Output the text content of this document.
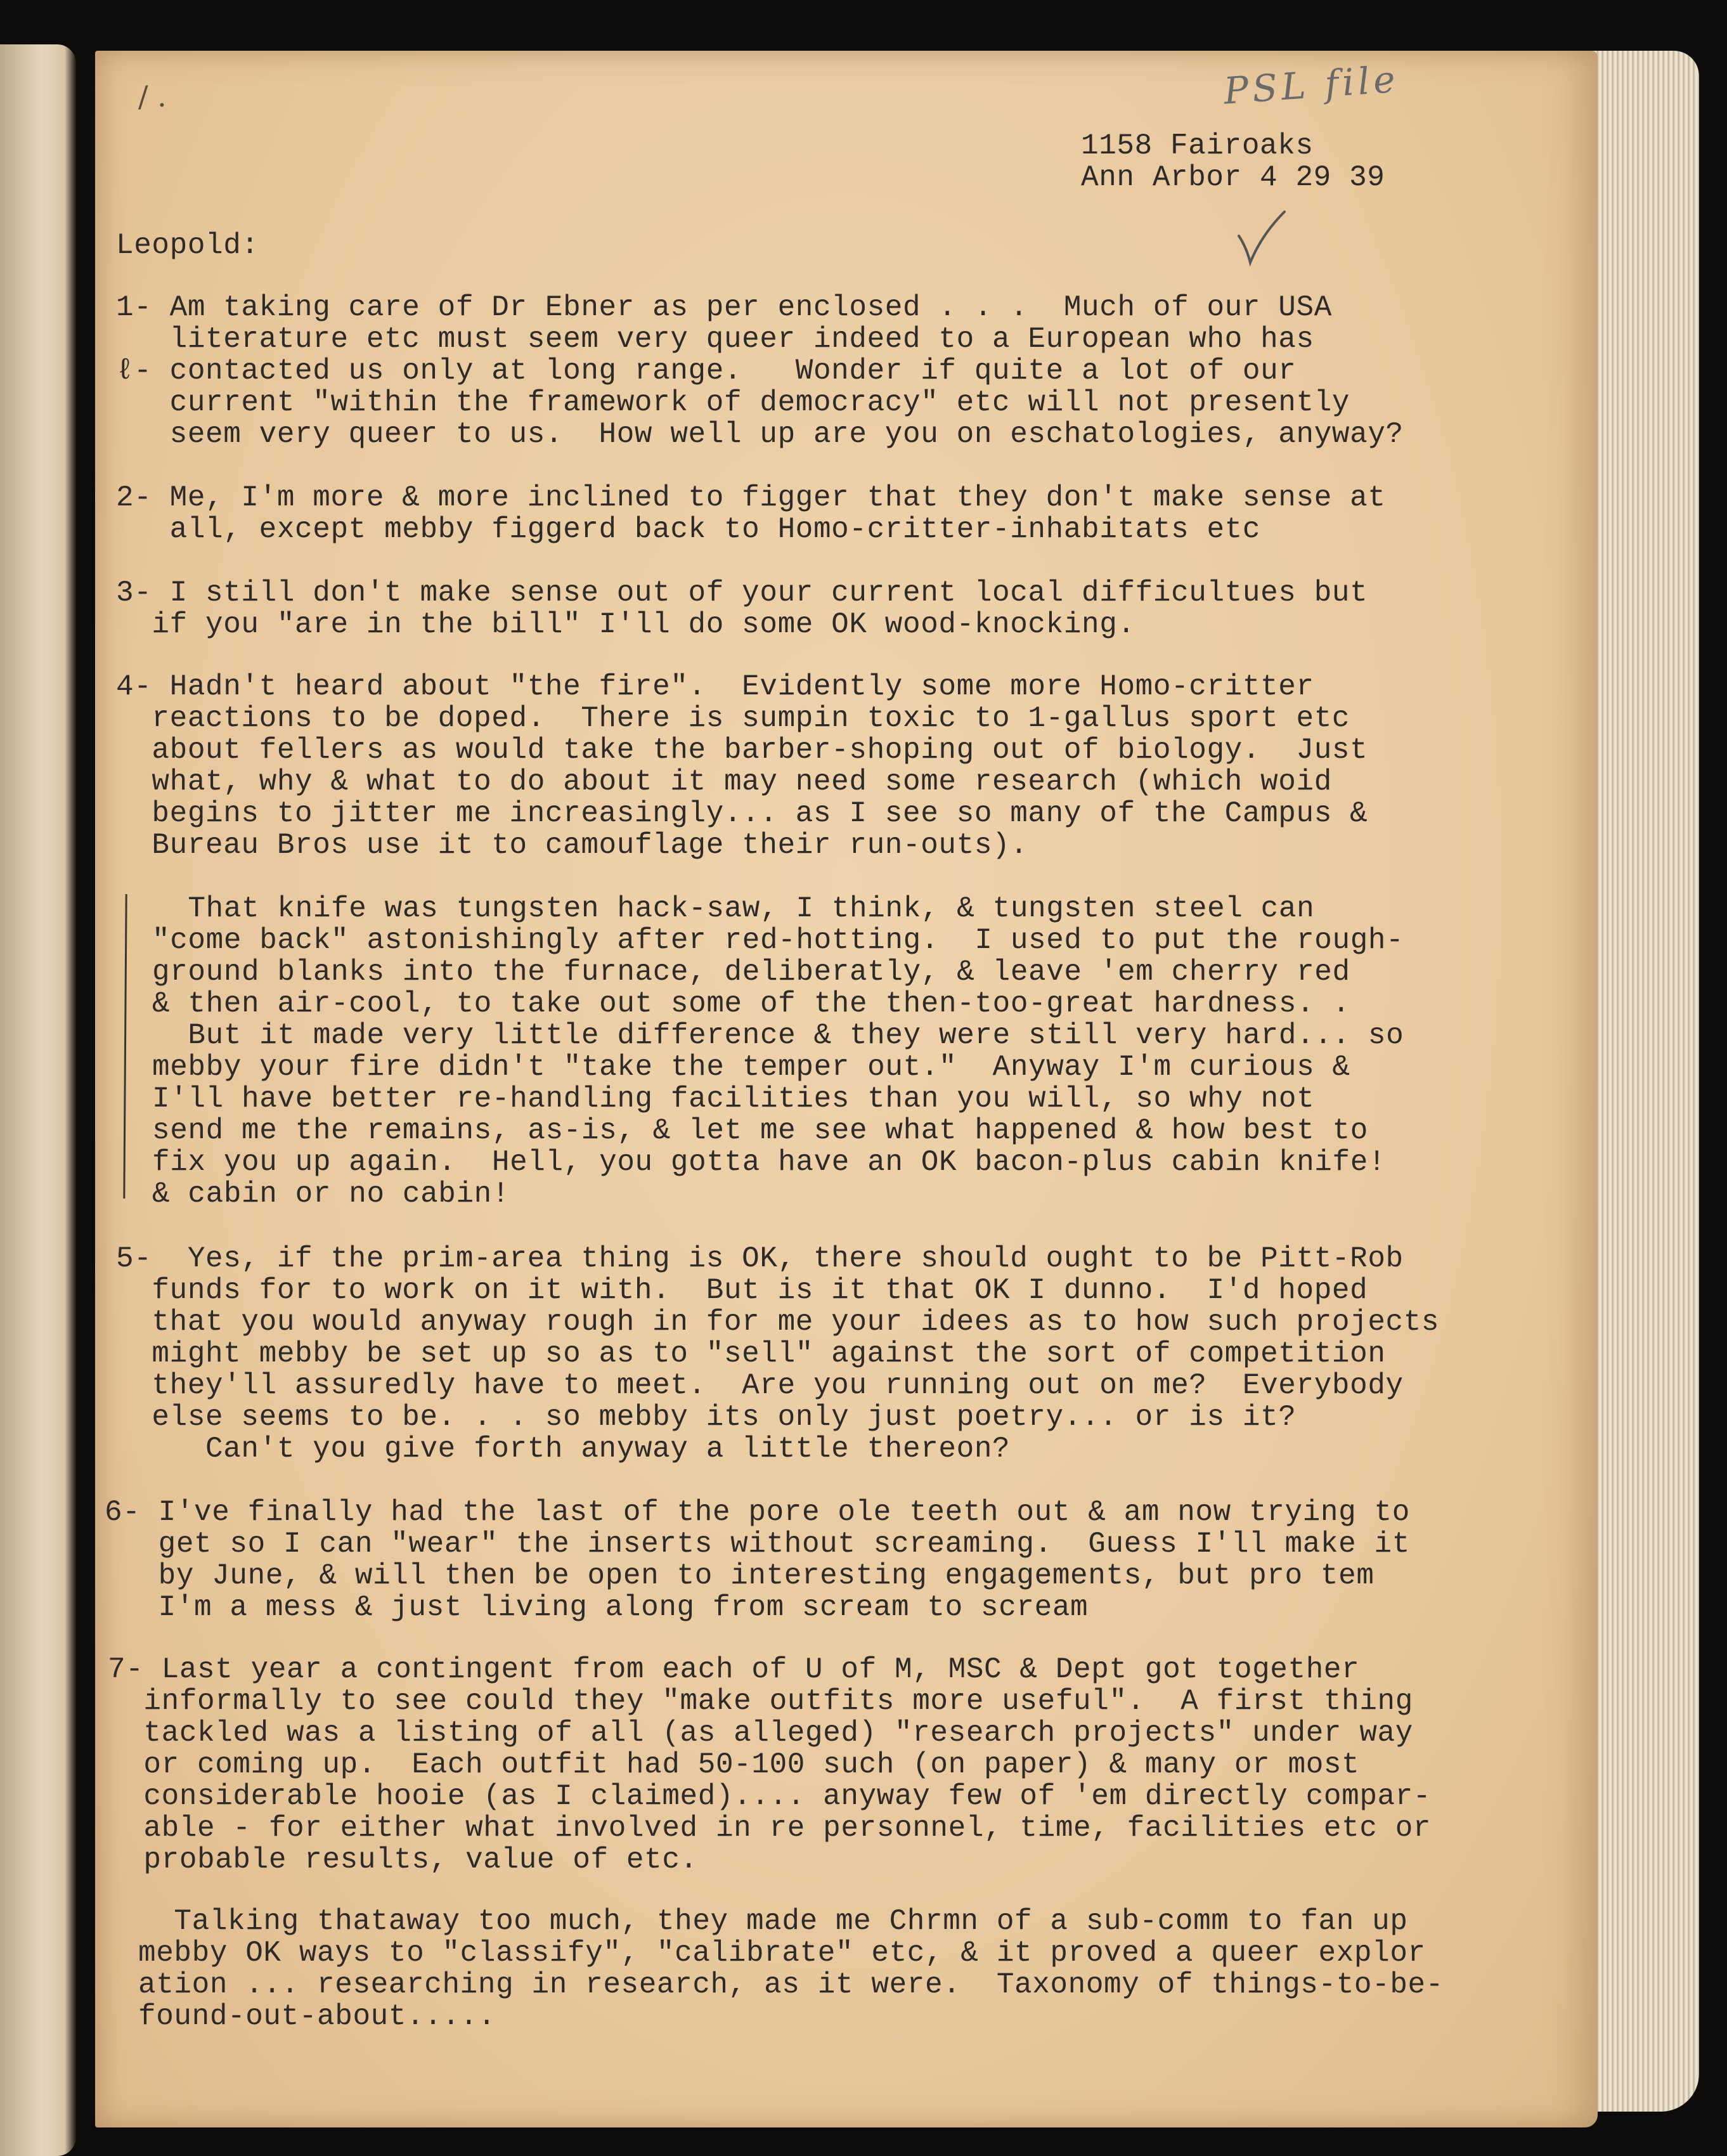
PSL file
/ .
1158 Fairoaks
Ann Arbor 4 29 39
Leopold:
1- Am taking care of Dr Ebner as per enclosed . . .  Much of our USA
literature etc must seem very queer indeed to a European who has
ℓ- contacted us only at long range.   Wonder if quite a lot of our
current "within the framework of democracy" etc will not presently
seem very queer to us.  How well up are you on eschatologies, anyway?
2- Me, I'm more & more inclined to figger that they don't make sense at
all, except mebby figgerd back to Homo-critter-inhabitats etc
3- I still don't make sense out of your current local difficultues but
if you "are in the bill" I'll do some OK wood-knocking.
4- Hadn't heard about "the fire".  Evidently some more Homo-critter
reactions to be doped.  There is sumpin toxic to 1-gallus sport etc
about fellers as would take the barber-shoping out of biology.  Just
what, why & what to do about it may need some research (which woid
begins to jitter me increasingly... as I see so many of the Campus &
Bureau Bros use it to camouflage their run-outs).
That knife was tungsten hack-saw, I think, & tungsten steel can
"come back" astonishingly after red-hotting.  I used to put the rough-
ground blanks into the furnace, deliberatly, & leave 'em cherry red
& then air-cool, to take out some of the then-too-great hardness. .
But it made very little difference & they were still very hard... so
mebby your fire didn't "take the temper out."  Anyway I'm curious &
I'll have better re-handling facilities than you will, so why not
send me the remains, as-is, & let me see what happened & how best to
fix you up again.  Hell, you gotta have an OK bacon-plus cabin knife!
& cabin or no cabin!
5-  Yes, if the prim-area thing is OK, there should ought to be Pitt-Rob
funds for to work on it with.  But is it that OK I dunno.  I'd hoped
that you would anyway rough in for me your idees as to how such projects
might mebby be set up so as to "sell" against the sort of competition
they'll assuredly have to meet.  Are you running out on me?  Everybody
else seems to be. . . so mebby its only just poetry... or is it?
Can't you give forth anyway a little thereon?
6- I've finally had the last of the pore ole teeth out & am now trying to
get so I can "wear" the inserts without screaming.  Guess I'll make it
by June, & will then be open to interesting engagements, but pro tem
I'm a mess & just living along from scream to scream
7- Last year a contingent from each of U of M, MSC & Dept got together
informally to see could they "make outfits more useful".  A first thing
tackled was a listing of all (as alleged) "research projects" under way
or coming up.  Each outfit had 50-100 such (on paper) & many or most
considerable hooie (as I claimed).... anyway few of 'em directly compar-
able - for either what involved in re personnel, time, facilities etc or
probable results, value of etc.
Talking thataway too much, they made me Chrmn of a sub-comm to fan up
mebby OK ways to "classify", "calibrate" etc, & it proved a queer explor
ation ... researching in research, as it were.  Taxonomy of things-to-be-
found-out-about.....
